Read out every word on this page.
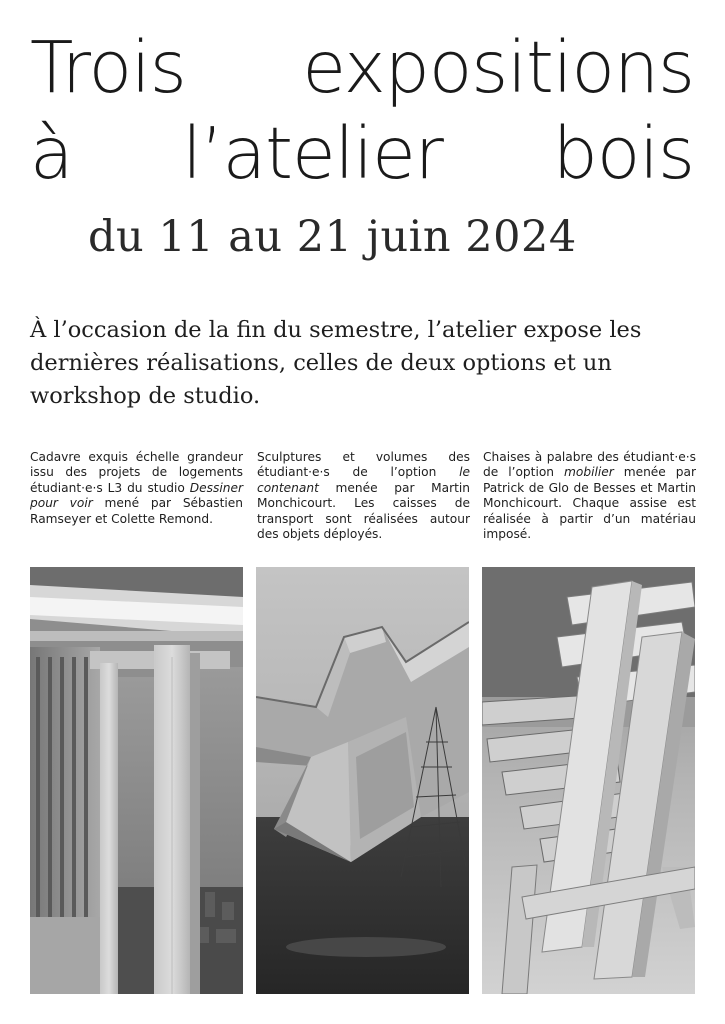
Trois expositions
à l’atelier bois
du 11 au 21 juin 2024

À l’occasion de la fin du semestre, l’atelier expose les dernières réalisations, celles de deux options et un workshop de studio.

Cadavre exquis échelle grandeur issu des projets de logements étudiant·e·s L3 du studio Dessiner pour voir mené par Sébastien Ramseyer et Colette Remond.

Sculptures et volumes des étudiant·e·s de l’option le contenant menée par Martin Monchicourt. Les caisses de transport sont réalisées autour des objets déployés.

Chaises à palabre des étudiant·e·s de l’option mobilier menée par Patrick de Glo de Besses et Martin Monchicourt. Chaque assise est réalisée à partir d’un matériau imposé.
